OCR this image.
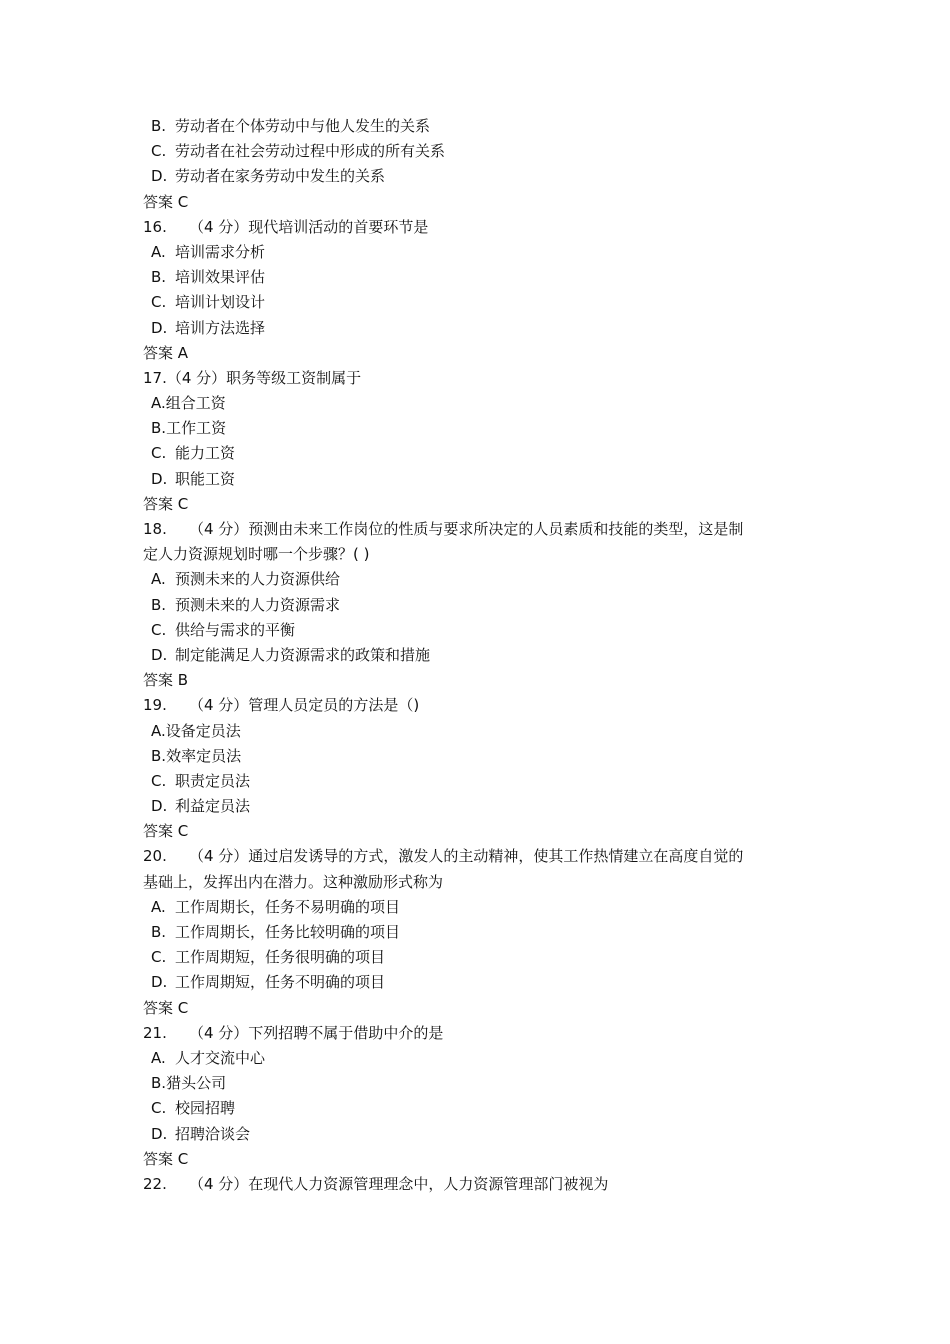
B. 劳动者在个体劳动中与他人发生的关系
C. 劳动者在社会劳动过程中形成的所有关系
D. 劳动者在家务劳动中发生的关系
答案 C
16. （4 分）现代培训活动的首要环节是
A. 培训需求分析
B. 培训效果评估
C. 培训计划设计
D. 培训方法选择
答案 A
17.（4 分）职务等级工资制属于
A.组合工资
B.工作工资
C. 能力工资
D. 职能工资
答案 C
18. （4 分）预测由未来工作岗位的性质与要求所决定的人员素质和技能的类型，这是制
定人力资源规划时哪一个步骤？( )
A. 预测未来的人力资源供给
B. 预测未来的人力资源需求
C. 供给与需求的平衡
D. 制定能满足人力资源需求的政策和措施
答案 B
19. （4 分）管理人员定员的方法是（)
A.设备定员法
B.效率定员法
C. 职责定员法
D. 利益定员法
答案 C
20. （4 分）通过启发诱导的方式，激发人的主动精神，使其工作热情建立在高度自觉的
基础上，发挥出内在潜力。这种激励形式称为
A. 工作周期长，任务不易明确的项目
B. 工作周期长，任务比较明确的项目
C. 工作周期短，任务很明确的项目
D. 工作周期短，任务不明确的项目
答案 C
21. （4 分）下列招聘不属于借助中介的是
A. 人才交流中心
B.猎头公司
C. 校园招聘
D. 招聘洽谈会
答案 C
22. （4 分）在现代人力资源管理理念中，人力资源管理部门被视为
